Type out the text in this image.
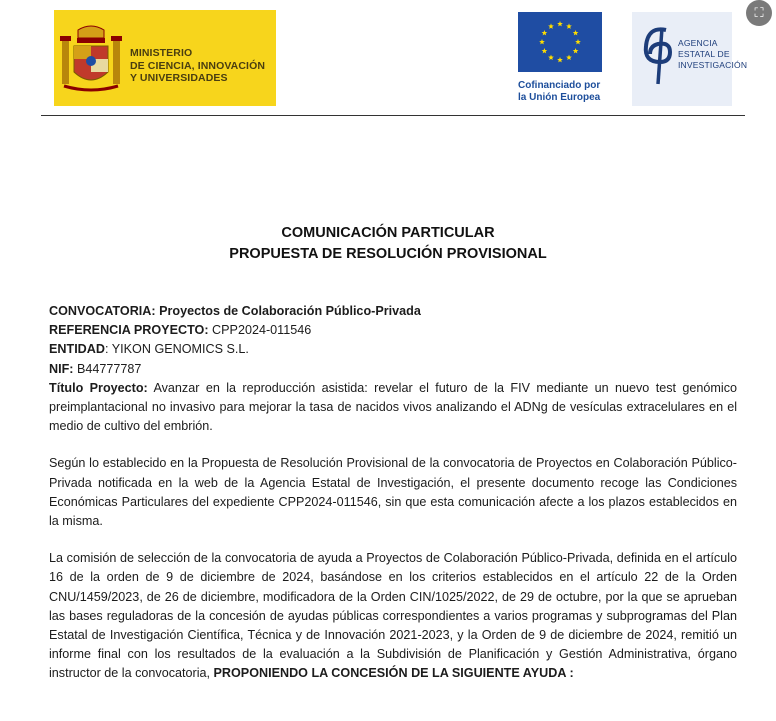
MINISTERIO
DE CIENCIA, INNOVACIÓN
Y UNIVERSIDADES
Cofinanciado por
la Unión Europea
AGENCIA
ESTATAL DE
INVESTIGACIÓN
⛶
COMUNICACIÓN PARTICULAR
PROPUESTA DE RESOLUCIÓN PROVISIONAL

CONVOCATORIA: Proyectos de Colaboración Público-Privada

REFERENCIA PROYECTO: CPP2024-011546

ENTIDAD: YIKON GENOMICS S.L.

NIF: B44777787

Título Proyecto: Avanzar en la reproducción asistida: revelar el futuro de la FIV mediante un nuevo test genómico preimplantacional no invasivo para mejorar la tasa de nacidos vivos analizando el ADNg de vesículas extracelulares en el medio de cultivo del embrión.

Según lo establecido en la Propuesta de Resolución Provisional de la convocatoria de Proyectos en Colaboración Público-Privada notificada en la web de la Agencia Estatal de Investigación, el presente documento recoge las Condiciones Económicas Particulares del expediente CPP2024-011546, sin que esta comunicación afecte a los plazos establecidos en la misma.

La comisión de selección de la convocatoria de ayuda a Proyectos de Colaboración Público-Privada, definida en el artículo 16 de la orden de 9 de diciembre de 2024, basándose en los criterios establecidos en el artículo 22 de la Orden CNU/1459/2023, de 26 de diciembre, modificadora de la Orden CIN/1025/2022, de 29 de octubre, por la que se aprueban las bases reguladoras de la concesión de ayudas públicas correspondientes a varios programas y subprogramas del Plan Estatal de Investigación Científica, Técnica y de Innovación 2021-2023, y la Orden de 9 de diciembre de 2024, remitió un informe final con los resultados de la evaluación a la Subdivisión de Planificación y Gestión Administrativa, órgano instructor de la convocatoria, PROPONIENDO LA CONCESIÓN DE LA SIGUIENTE AYUDA :
